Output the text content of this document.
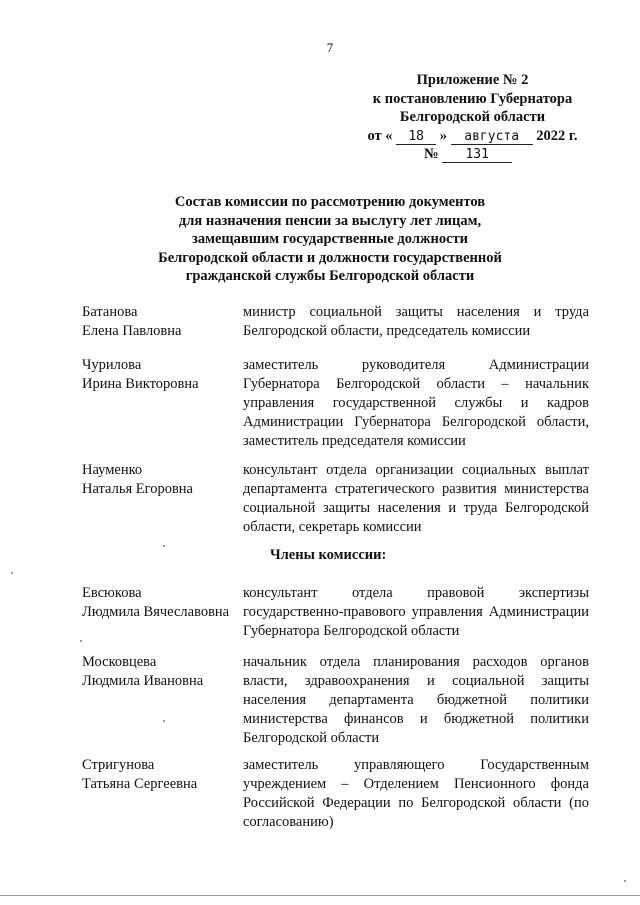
7
Приложение № 2
к постановлению Губернатора
Белгородской области
от « 18 » августа 2022 г.
№ 131
Состав комиссии по рассмотрению документов
для назначения пенсии за выслугу лет лицам,
замещавшим государственные должности
Белгородской области и должности государственной
гражданской службы Белгородской области
Батанова
Елена Павловна
министр социальной защиты населения и труда Белгородской области, председатель комиссии
Чурилова
Ирина Викторовна
заместитель руководителя Администрации Губернатора Белгородской области – начальник управления государственной службы и кадров Администрации Губернатора Белгородской области, заместитель председателя комиссии
Науменко
Наталья Егоровна
консультант отдела организации социальных выплат департамента стратегического развития министерства социальной защиты населения и труда Белгородской области, секретарь комиссии
Члены комиссии:
Евсюкова
Людмила Вячеславовна
консультант отдела правовой экспертизы государственно-правового управления Администрации Губернатора Белгородской области
Московцева
Людмила Ивановна
начальник отдела планирования расходов органов власти, здравоохранения и социальной защиты населения департамента бюджетной политики министерства финансов и бюджетной политики Белгородской области
Стригунова
Татьяна Сергеевна
заместитель управляющего Государственным учреждением – Отделением Пенсионного фонда Российской Федерации по Белгородской области (по согласованию)
